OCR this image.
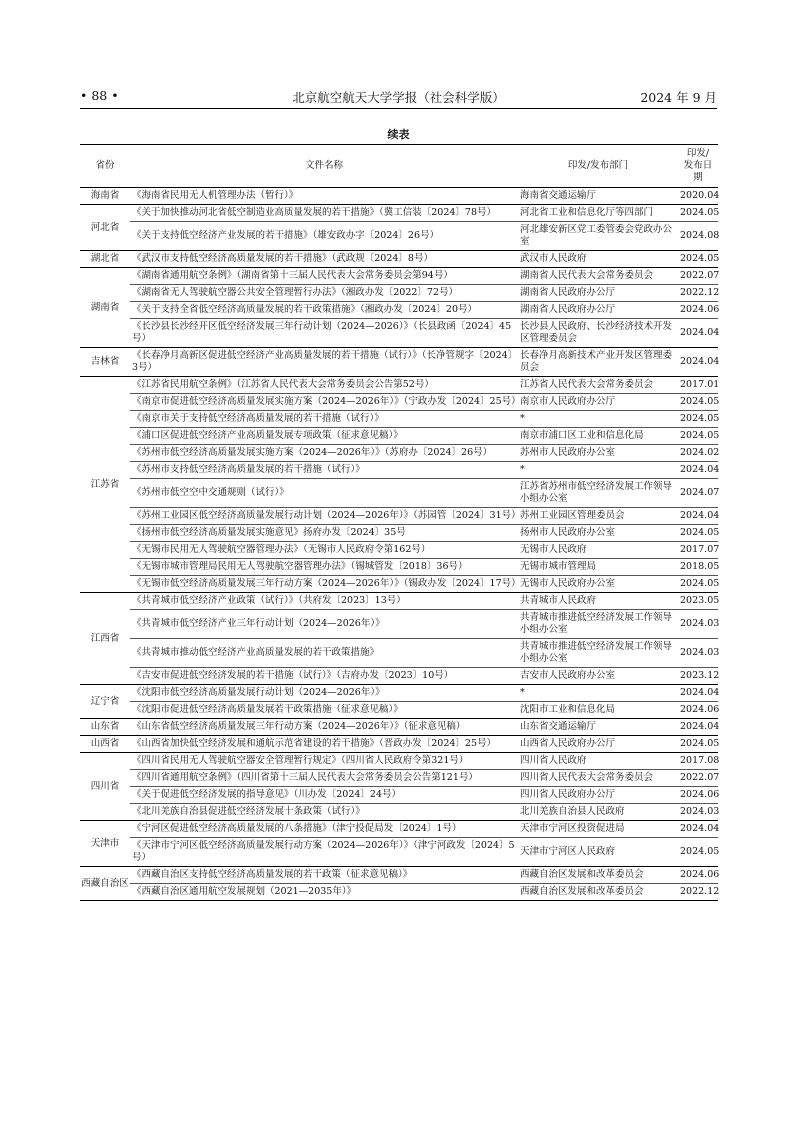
• 88 •	北京航空航天大学学报（社会科学版）	2024 年 9 月
续表
省份	文件名称	印发/发布部门	印发/
发布日期
海南省	《海南省民用无人机管理办法（暂行）》	海南省交通运输厅	2020.04
河北省	《关于加快推动河北省低空制造业高质量发展的若干措施》（冀工信装〔2024〕78号）	河北省工业和信息化厅等四部门	2024.05
	《关于支持低空经济产业发展的若干措施》（雄安政办字〔2024〕26号）	河北雄安新区党工委管委会党政办公室	2024.08
湖北省	《武汉市支持低空经济高质量发展的若干措施》（武政规〔2024〕8号）	武汉市人民政府	2024.05
湖南省	《湖南省通用航空条例》（湖南省第十三届人民代表大会常务委员会第94号）	湖南省人民代表大会常务委员会	2022.07
	《湖南省无人驾驶航空器公共安全管理暂行办法》（湘政办发〔2022〕72号）	湖南省人民政府办公厅	2022.12
	《关于支持全省低空经济高质量发展的若干政策措施》（湘政办发〔2024〕20号）	湖南省人民政府办公厅	2024.06
	《长沙县长沙经开区低空经济发展三年行动计划（2024—2026）》（长县政函〔2024〕45号）	长沙县人民政府、长沙经济技术开发区管理委员会	2024.04
吉林省	《长春净月高新区促进低空经济产业高质量发展的若干措施（试行）》（长净管规字〔2024〕3号）	长春净月高新技术产业开发区管理委员会	2024.04
江苏省	《江苏省民用航空条例》（江苏省人民代表大会常务委员会公告第52号）	江苏省人民代表大会常务委员会	2017.01
	《南京市促进低空经济高质量发展实施方案（2024—2026年）》（宁政办发〔2024〕25号）	南京市人民政府办公厅	2024.05
	《南京市关于支持低空经济高质量发展的若干措施（试行）》	*	2024.05
	《浦口区促进低空经济产业高质量发展专项政策（征求意见稿）》	南京市浦口区工业和信息化局	2024.05
	《苏州市低空经济高质量发展实施方案（2024—2026年）》（苏府办〔2024〕26号）	苏州市人民政府办公室	2024.02
	《苏州市支持低空经济高质量发展的若干措施（试行）》	*	2024.04
	《苏州市低空空中交通规则（试行）》	江苏省苏州市低空经济发展工作领导小组办公室	2024.07
	《苏州工业园区低空经济高质量发展行动计划（2024—2026年）》（苏园管〔2024〕31号）	苏州工业园区管理委员会	2024.04
	《扬州市低空经济高质量发展实施意见》扬府办发〔2024〕35号	扬州市人民政府办公室	2024.05
	《无锡市民用无人驾驶航空器管理办法》（无锡市人民政府令第162号）	无锡市人民政府	2017.07
	《无锡市城市管理局民用无人驾驶航空器管理办法》（锡城管发〔2018〕36号）	无锡市城市管理局	2018.05
	《无锡市低空经济高质量发展三年行动方案（2024—2026年）》（锡政办发〔2024〕17号）	无锡市人民政府办公室	2024.05
江西省	《共青城市低空经济产业政策（试行）》（共府发〔2023〕13号）	共青城市人民政府	2023.05
	《共青城市低空经济产业三年行动计划（2024—2026年）》	共青城市推进低空经济发展工作领导小组办公室	2024.03
	《共青城市推动低空经济产业高质量发展的若干政策措施》	共青城市推进低空经济发展工作领导小组办公室	2024.03
	《吉安市促进低空经济发展的若干措施（试行）》（吉府办发〔2023〕10号）	吉安市人民政府办公室	2023.12
辽宁省	《沈阳市低空经济高质量发展行动计划（2024—2026年）》	*	2024.04
	《沈阳市促进低空经济高质量发展若干政策措施（征求意见稿）》	沈阳市工业和信息化局	2024.06
山东省	《山东省低空经济高质量发展三年行动方案（2024—2026年）》（征求意见稿）	山东省交通运输厅	2024.04
山西省	《山西省加快低空经济发展和通航示范省建设的若干措施》（晋政办发〔2024〕25号）	山西省人民政府办公厅	2024.05
四川省	《四川省民用无人驾驶航空器安全管理暂行规定》（四川省人民政府令第321号）	四川省人民政府	2017.08
	《四川省通用航空条例》（四川省第十三届人民代表大会常务委员会公告第121号）	四川省人民代表大会常务委员会	2022.07
	《关于促进低空经济发展的指导意见》（川办发〔2024〕24号）	四川省人民政府办公厅	2024.06
	《北川羌族自治县促进低空经济发展十条政策（试行）》	北川羌族自治县人民政府	2024.03
天津市	《宁河区促进低空经济高质量发展的八条措施》（津宁投促局发〔2024〕1号）	天津市宁河区投资促进局	2024.04
	《天津市宁河区低空经济高质量发展行动方案（2024—2026年）》（津宁河政发〔2024〕5号）	天津市宁河区人民政府	2024.05
西藏自治区	《西藏自治区支持低空经济高质量发展的若干政策（征求意见稿）》	西藏自治区发展和改革委员会	2024.06
	《西藏自治区通用航空发展规划（2021—2035年）》	西藏自治区发展和改革委员会	2022.12
